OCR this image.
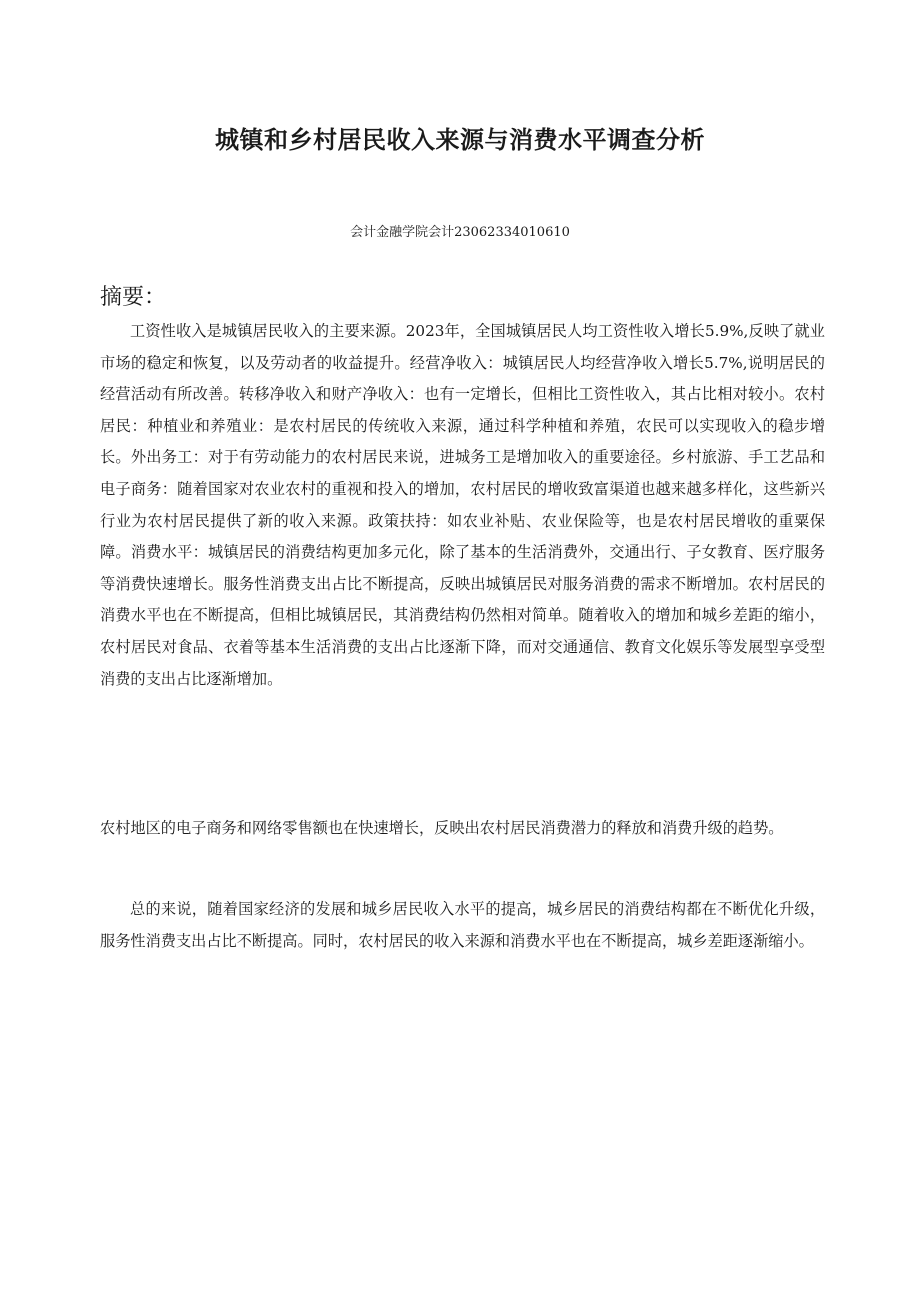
城镇和乡村居民收入来源与消费水平调查分析

会计金融学院会计23062334010610

摘要：

工资性收入是城镇居民收入的主要来源。2023年，全国城镇居民人均工资性收入增长5.9%,反映了就业市场的稳定和恢复，以及劳动者的收益提升。经营净收入：城镇居民人均经营净收入增长5.7%,说明居民的经营活动有所改善。转移净收入和财产净收入：也有一定增长，但相比工资性收入，其占比相对较小。农村居民：种植业和养殖业：是农村居民的传统收入来源，通过科学种植和养殖，农民可以实现收入的稳步增长。外出务工：对于有劳动能力的农村居民来说，进城务工是增加收入的重要途径。乡村旅游、手工艺品和电子商务：随着国家对农业农村的重视和投入的增加，农村居民的增收致富渠道也越来越多样化，这些新兴行业为农村居民提供了新的收入来源。政策扶持：如农业补贴、农业保险等，也是农村居民增收的重粟保障。消费水平：城镇居民的消费结构更加多元化，除了基本的生活消费外，交通出行、子女教育、医疗服务等消费快速增长。服务性消费支出占比不断提高，反映出城镇居民对服务消费的需求不断增加。农村居民的消费水平也在不断提高，但相比城镇居民，其消费结构仍然相对简单。随着收入的增加和城乡差距的缩小，农村居民对食品、衣着等基本生活消费的支出占比逐渐下降，而对交通通信、教育文化娱乐等发展型享受型消费的支出占比逐渐增加。

农村地区的电子商务和网络零售额也在快速增长，反映出农村居民消费潜力的释放和消费升级的趋势。

总的来说，随着国家经济的发展和城乡居民收入水平的提高，城乡居民的消费结构都在不断优化升级，服务性消费支出占比不断提高。同时，农村居民的收入来源和消费水平也在不断提高，城乡差距逐渐缩小。
